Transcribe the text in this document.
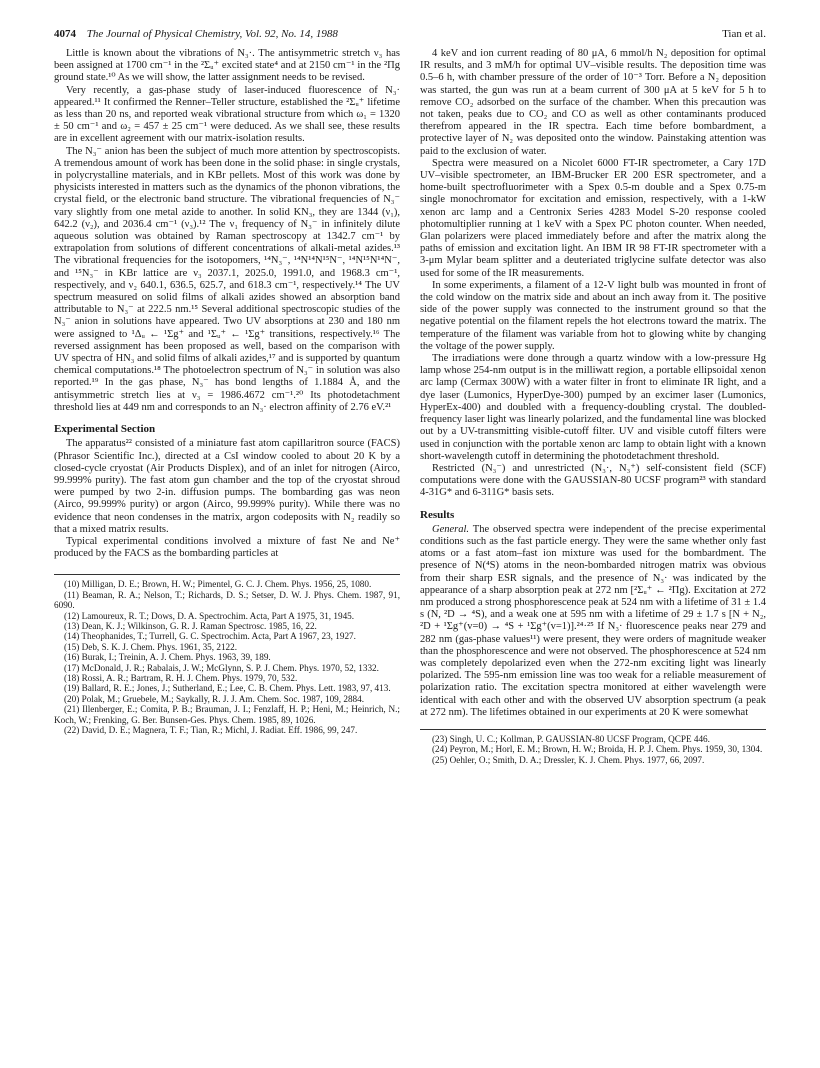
4074 The Journal of Physical Chemistry, Vol. 92, No. 14, 1988	Tian et al.

Little is known about the vibrations of N₃·. The antisymmetric stretch ν₃ has been assigned at 1700 cm⁻¹ in the ²Σᵤ⁺ excited state⁴ and at 2150 cm⁻¹ in the ²Πg ground state.¹⁰ As we will show, the latter assignment needs to be revised.

Very recently, a gas-phase study of laser-induced fluorescence of N₃· appeared.¹¹ It confirmed the Renner–Teller structure, established the ²Σᵤ⁺ lifetime as less than 20 ns, and reported weak vibrational structure from which ω₁ = 1320 ± 50 cm⁻¹ and ω₂ = 457 ± 25 cm⁻¹ were deduced. As we shall see, these results are in excellent agreement with our matrix-isolation results.

The N₃⁻ anion has been the subject of much more attention by spectroscopists. A tremendous amount of work has been done in the solid phase: in single crystals, in polycrystalline materials, and in KBr pellets. Most of this work was done by physicists interested in matters such as the dynamics of the phonon vibrations, the crystal field, or the electronic band structure. The vibrational frequencies of N₃⁻ vary slightly from one metal azide to another. In solid KN₃, they are 1344 (ν₁), 642.2 (ν₂), and 2036.4 cm⁻¹ (ν₃).¹² The ν₁ frequency of N₃⁻ in infinitely dilute aqueous solution was obtained by Raman spectroscopy at 1342.7 cm⁻¹ by extrapolation from solutions of different concentrations of alkali-metal azides.¹³ The vibrational frequencies for the isotopomers, ¹⁴N₃⁻, ¹⁴N¹⁴N¹⁵N⁻, ¹⁴N¹⁵N¹⁴N⁻, and ¹⁵N₃⁻ in KBr lattice are ν₃ 2037.1, 2025.0, 1991.0, and 1968.3 cm⁻¹, respectively, and ν₂ 640.1, 636.5, 625.7, and 618.3 cm⁻¹, respectively.¹⁴ The UV spectrum measured on solid films of alkali azides showed an absorption band attributable to N₃⁻ at 222.5 nm.¹⁵ Several additional spectroscopic studies of the N₃⁻ anion in solutions have appeared. Two UV absorptions at 230 and 180 nm were assigned to ¹Δᵤ ← ¹Σg⁺ and ¹Σᵤ⁺ ← ¹Σg⁺ transitions, respectively.¹⁶ The reversed assignment has been proposed as well, based on the comparison with UV spectra of HN₃ and solid films of alkali azides,¹⁷ and is supported by quantum chemical computations.¹⁸ The photoelectron spectrum of N₃⁻ in solution was also reported.¹⁹ In the gas phase, N₃⁻ has bond lengths of 1.1884 Å, and the antisymmetric stretch lies at ν₃ = 1986.4672 cm⁻¹.²⁰ Its photodetachment threshold lies at 449 nm and corresponds to an N₃· electron affinity of 2.76 eV.²¹

Experimental Section

The apparatus²² consisted of a miniature fast atom capillaritron source (FACS) (Phrasor Scientific Inc.), directed at a CsI window cooled to about 20 K by a closed-cycle cryostat (Air Products Displex), and of an inlet for nitrogen (Airco, 99.999% purity). The fast atom gun chamber and the top of the cryostat shroud were pumped by two 2-in. diffusion pumps. The bombarding gas was neon (Airco, 99.999% purity) or argon (Airco, 99.999% purity). While there was no evidence that neon condenses in the matrix, argon codeposits with N₂ readily so that a mixed matrix results.

Typical experimental conditions involved a mixture of fast Ne and Ne⁺ produced by the FACS as the bombarding particles at

(10) Milligan, D. E.; Brown, H. W.; Pimentel, G. C. J. Chem. Phys. 1956, 25, 1080.

(11) Beaman, R. A.; Nelson, T.; Richards, D. S.; Setser, D. W. J. Phys. Chem. 1987, 91, 6090.

(12) Lamoureux, R. T.; Dows, D. A. Spectrochim. Acta, Part A 1975, 31, 1945.

(13) Dean, K. J.; Wilkinson, G. R. J. Raman Spectrosc. 1985, 16, 22.

(14) Theophanides, T.; Turrell, G. C. Spectrochim. Acta, Part A 1967, 23, 1927.

(15) Deb, S. K. J. Chem. Phys. 1961, 35, 2122.

(16) Burak, I.; Treinin, A. J. Chem. Phys. 1963, 39, 189.

(17) McDonald, J. R.; Rabalais, J. W.; McGlynn, S. P. J. Chem. Phys. 1970, 52, 1332.

(18) Rossi, A. R.; Bartram, R. H. J. Chem. Phys. 1979, 70, 532.

(19) Ballard, R. E.; Jones, J.; Sutherland, E.; Lee, C. B. Chem. Phys. Lett. 1983, 97, 413.

(20) Polak, M.; Gruebele, M.; Saykally, R. J. J. Am. Chem. Soc. 1987, 109, 2884.

(21) Illenberger, E.; Comita, P. B.; Brauman, J. I.; Fenzlaff, H. P.; Heni, M.; Heinrich, N.; Koch, W.; Frenking, G. Ber. Bunsen-Ges. Phys. Chem. 1985, 89, 1026.

(22) David, D. E.; Magnera, T. F.; Tian, R.; Michl, J. Radiat. Eff. 1986, 99, 247.

4 keV and ion current reading of 80 μA, 6 mmol/h N₂ deposition for optimal IR results, and 3 mM/h for optimal UV–visible results. The deposition time was 0.5–6 h, with chamber pressure of the order of 10⁻³ Torr. Before a N₂ deposition was started, the gun was run at a beam current of 300 μA at 5 keV for 5 h to remove CO₂ adsorbed on the surface of the chamber. When this precaution was not taken, peaks due to CO₂ and CO as well as other contaminants produced therefrom appeared in the IR spectra. Each time before bombardment, a protective layer of N₂ was deposited onto the window. Painstaking attention was paid to the exclusion of water.

Spectra were measured on a Nicolet 6000 FT-IR spectrometer, a Cary 17D UV–visible spectrometer, an IBM-Brucker ER 200 ESR spectrometer, and a home-built spectrofluorimeter with a Spex 0.5-m double and a Spex 0.75-m single monochromator for excitation and emission, respectively, with a 1-kW xenon arc lamp and a Centronix Series 4283 Model S-20 response cooled photomultiplier running at 1 keV with a Spex PC photon counter. When needed, Glan polarizers were placed immediately before and after the matrix along the paths of emission and excitation light. An IBM IR 98 FT-IR spectrometer with a 3-μm Mylar beam splitter and a deuteriated triglycine sulfate detector was also used for some of the IR measurements.

In some experiments, a filament of a 12-V light bulb was mounted in front of the cold window on the matrix side and about an inch away from it. The positive side of the power supply was connected to the instrument ground so that the negative potential on the filament repels the hot electrons toward the matrix. The temperature of the filament was variable from hot to glowing white by changing the voltage of the power supply.

The irradiations were done through a quartz window with a low-pressure Hg lamp whose 254-nm output is in the milliwatt region, a portable ellipsoidal xenon arc lamp (Cermax 300W) with a water filter in front to eliminate IR light, and a dye laser (Lumonics, HyperDye-300) pumped by an excimer laser (Lumonics, HyperEx-400) and doubled with a frequency-doubling crystal. The doubled-frequency laser light was linearly polarized, and the fundamental line was blocked out by a UV-transmitting visible-cutoff filter. UV and visible cutoff filters were used in conjunction with the portable xenon arc lamp to obtain light with a known short-wavelength cutoff in determining the photodetachment threshold.

Restricted (N₃⁻) and unrestricted (N₃·, N₃⁺) self-consistent field (SCF) computations were done with the GAUSSIAN-80 UCSF program²³ with standard 4-31G* and 6-311G* basis sets.

Results

General. The observed spectra were independent of the precise experimental conditions such as the fast particle energy. They were the same whether only fast atoms or a fast atom–fast ion mixture was used for the bombardment. The presence of N(⁴S) atoms in the neon-bombarded nitrogen matrix was obvious from their sharp ESR signals, and the presence of N₃· was indicated by the appearance of a sharp absorption peak at 272 nm [²Σᵤ⁺ ← ²Πg). Excitation at 272 nm produced a strong phosphorescence peak at 524 nm with a lifetime of 31 ± 1.4 s (N, ²D → ⁴S), and a weak one at 595 nm with a lifetime of 29 ± 1.7 s [N + N₂, ²D + ¹Σg⁺(v=0) → ⁴S + ¹Σg⁺(v=1)].²⁴·²⁵ If N₃· fluorescence peaks near 279 and 282 nm (gas-phase values¹¹) were present, they were orders of magnitude weaker than the phosphorescence and were not observed. The phosphorescence at 524 nm was completely depolarized even when the 272-nm exciting light was linearly polarized. The 595-nm emission line was too weak for a reliable measurement of polarization ratio. The excitation spectra monitored at either wavelength were identical with each other and with the observed UV absorption spectrum (a peak at 272 nm). The lifetimes obtained in our experiments at 20 K were somewhat

(23) Singh, U. C.; Kollman, P. GAUSSIAN-80 UCSF Program, QCPE 446.

(24) Peyron, M.; Horl, E. M.; Brown, H. W.; Broida, H. P. J. Chem. Phys. 1959, 30, 1304.

(25) Oehler, O.; Smith, D. A.; Dressler, K. J. Chem. Phys. 1977, 66, 2097.
